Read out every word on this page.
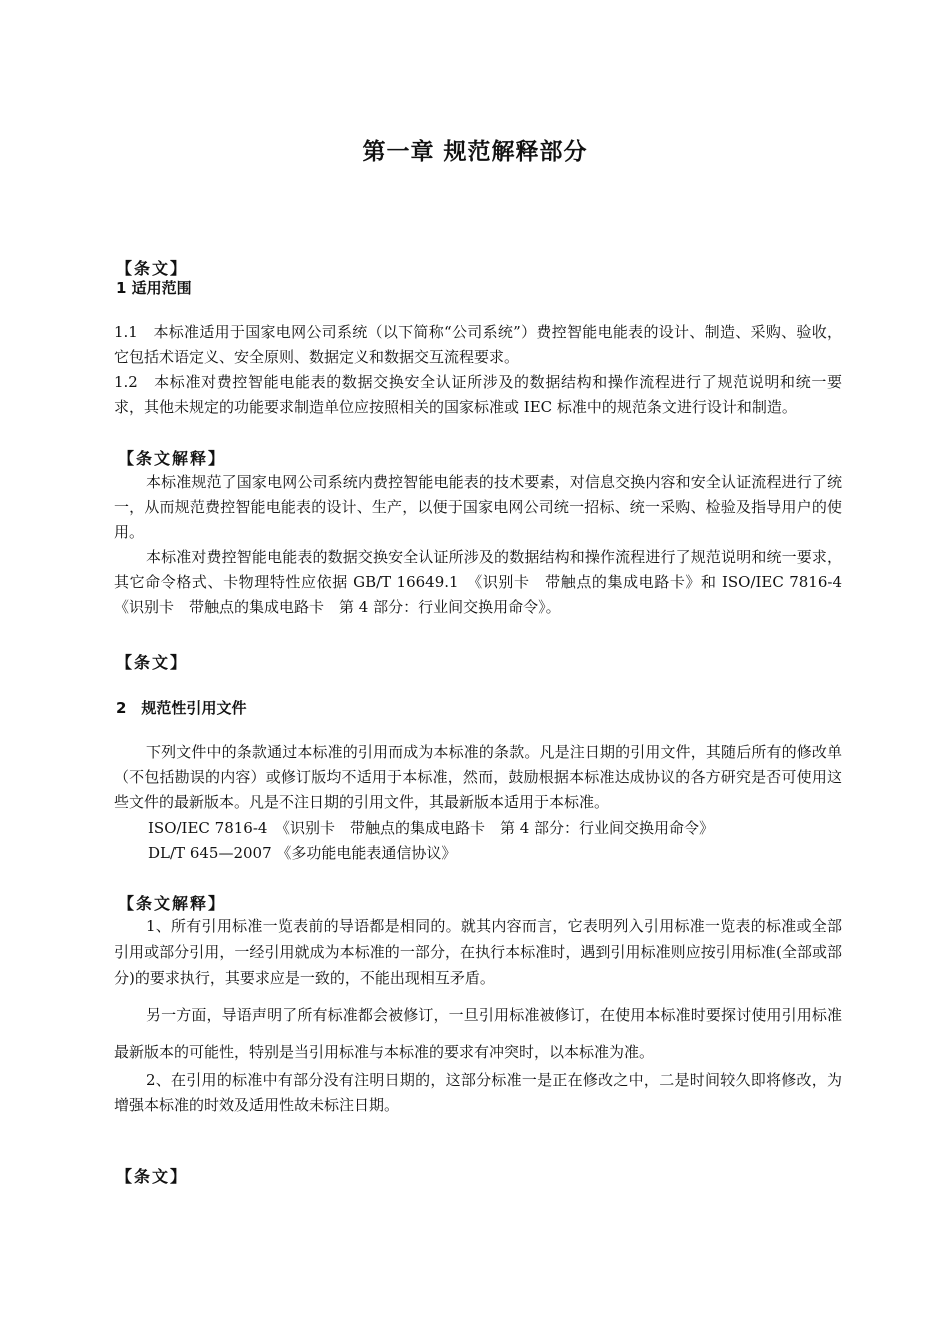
第一章 规范解释部分
【条文】
1 适用范围
1.1　本标准适用于国家电网公司系统（以下简称“公司系统”）费控智能电能表的设计、制造、采购、验收，它包括术语定义、安全原则、数据定义和数据交互流程要求。
1.2　本标准对费控智能电能表的数据交换安全认证所涉及的数据结构和操作流程进行了规范说明和统一要求，其他未规定的功能要求制造单位应按照相关的国家标准或 IEC 标准中的规范条文进行设计和制造。
【条文解释】
本标准规范了国家电网公司系统内费控智能电能表的技术要素，对信息交换内容和安全认证流程进行了统一，从而规范费控智能电能表的设计、生产，以便于国家电网公司统一招标、统一采购、检验及指导用户的使用。
本标准对费控智能电能表的数据交换安全认证所涉及的数据结构和操作流程进行了规范说明和统一要求，其它命令格式、卡物理特性应依据 GB/T 16649.1　《识别卡　带触点的集成电路卡》和 ISO/IEC 7816-4　《识别卡　带触点的集成电路卡　第 4 部分：行业间交换用命令》。
【条文】
2　规范性引用文件
下列文件中的条款通过本标准的引用而成为本标准的条款。凡是注日期的引用文件，其随后所有的修改单（不包括勘误的内容）或修订版均不适用于本标准，然而，鼓励根据本标准达成协议的各方研究是否可使用这些文件的最新版本。凡是不注日期的引用文件，其最新版本适用于本标准。
ISO/IEC 7816-4　《识别卡　带触点的集成电路卡　第 4 部分：行业间交换用命令》
DL/T 645—2007 《多功能电能表通信协议》
【条文解释】
1、所有引用标准一览表前的导语都是相同的。就其内容而言，它表明列入引用标准一览表的标准或全部引用或部分引用，一经引用就成为本标准的一部分，在执行本标准时，遇到引用标准则应按引用标准(全部或部分)的要求执行，其要求应是一致的，不能出现相互矛盾。
另一方面，导语声明了所有标准都会被修订，一旦引用标准被修订，在使用本标准时要探讨使用引用标准最新版本的可能性，特别是当引用标准与本标准的要求有冲突时，以本标准为准。
2、在引用的标准中有部分没有注明日期的，这部分标准一是正在修改之中，二是时间较久即将修改，为增强本标准的时效及适用性故未标注日期。
【条文】
